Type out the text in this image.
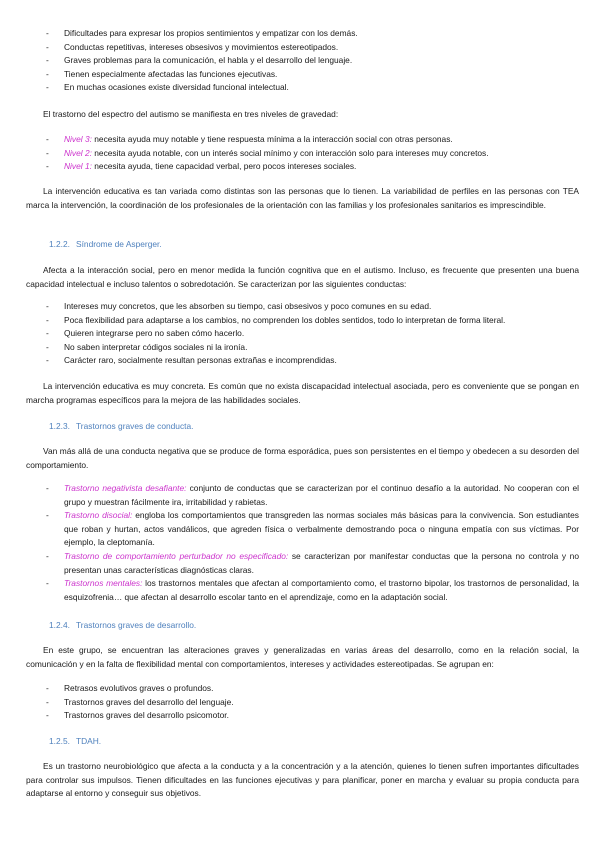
- Dificultades para expresar los propios sentimientos y empatizar con los demás.
- Conductas repetitivas, intereses obsesivos y movimientos estereotipados.
- Graves problemas para la comunicación, el habla y el desarrollo del lenguaje.
- Tienen especialmente afectadas las funciones ejecutivas.
- En muchas ocasiones existe diversidad funcional intelectual.

El trastorno del espectro del autismo se manifiesta en tres niveles de gravedad:

- Nivel 3: necesita ayuda muy notable y tiene respuesta mínima a la interacción social con otras personas.
- Nivel 2: necesita ayuda notable, con un interés social mínimo y con interacción solo para intereses muy concretos.
- Nivel 1: necesita ayuda, tiene capacidad verbal, pero pocos intereses sociales.

La intervención educativa es tan variada como distintas son las personas que lo tienen. La variabilidad de perfiles en las personas con TEA marca la intervención, la coordinación de los profesionales de la orientación con las familias y los profesionales sanitarios es imprescindible.

1.2.2. Síndrome de Asperger.

Afecta a la interacción social, pero en menor medida la función cognitiva que en el autismo. Incluso, es frecuente que presenten una buena capacidad intelectual e incluso talentos o sobredotación. Se caracterizan por las siguientes conductas:

- Intereses muy concretos, que les absorben su tiempo, casi obsesivos y poco comunes en su edad.
- Poca flexibilidad para adaptarse a los cambios, no comprenden los dobles sentidos, todo lo interpretan de forma literal.
- Quieren integrarse pero no saben cómo hacerlo.
- No saben interpretar códigos sociales ni la ironía.
- Carácter raro, socialmente resultan personas extrañas e incomprendidas.

La intervención educativa es muy concreta. Es común que no exista discapacidad intelectual asociada, pero es conveniente que se pongan en marcha programas específicos para la mejora de las habilidades sociales.

1.2.3. Trastornos graves de conducta.

Van más allá de una conducta negativa que se produce de forma esporádica, pues son persistentes en el tiempo y obedecen a su desorden del comportamiento.

- Trastorno negativista desafiante: conjunto de conductas que se caracterizan por el continuo desafío a la autoridad. No cooperan con el grupo y muestran fácilmente ira, irritabilidad y rabietas.
- Trastorno disocial: engloba los comportamientos que transgreden las normas sociales más básicas para la convivencia. Son estudiantes que roban y hurtan, actos vandálicos, que agreden física o verbalmente demostrando poca o ninguna empatía con sus víctimas. Por ejemplo, la cleptomanía.
- Trastorno de comportamiento perturbador no especificado: se caracterizan por manifestar conductas que la persona no controla y no presentan unas características diagnósticas claras.
- Trastornos mentales: los trastornos mentales que afectan al comportamiento como, el trastorno bipolar, los trastornos de personalidad, la esquizofrenia… que afectan al desarrollo escolar tanto en el aprendizaje, como en la adaptación social.
1.2.4. Trastornos graves de desarrollo.

En este grupo, se encuentran las alteraciones graves y generalizadas en varias áreas del desarrollo, como en la relación social, la comunicación y en la falta de flexibilidad mental con comportamientos, intereses y actividades estereotipadas. Se agrupan en:

- Retrasos evolutivos graves o profundos.
- Trastornos graves del desarrollo del lenguaje.
- Trastornos graves del desarrollo psicomotor.
1.2.5. TDAH.

Es un trastorno neurobiológico que afecta a la conducta y a la concentración y a la atención, quienes lo tienen sufren importantes dificultades para controlar sus impulsos. Tienen dificultades en las funciones ejecutivas y para planificar, poner en marcha y evaluar su propia conducta para adaptarse al entorno y conseguir sus objetivos.
